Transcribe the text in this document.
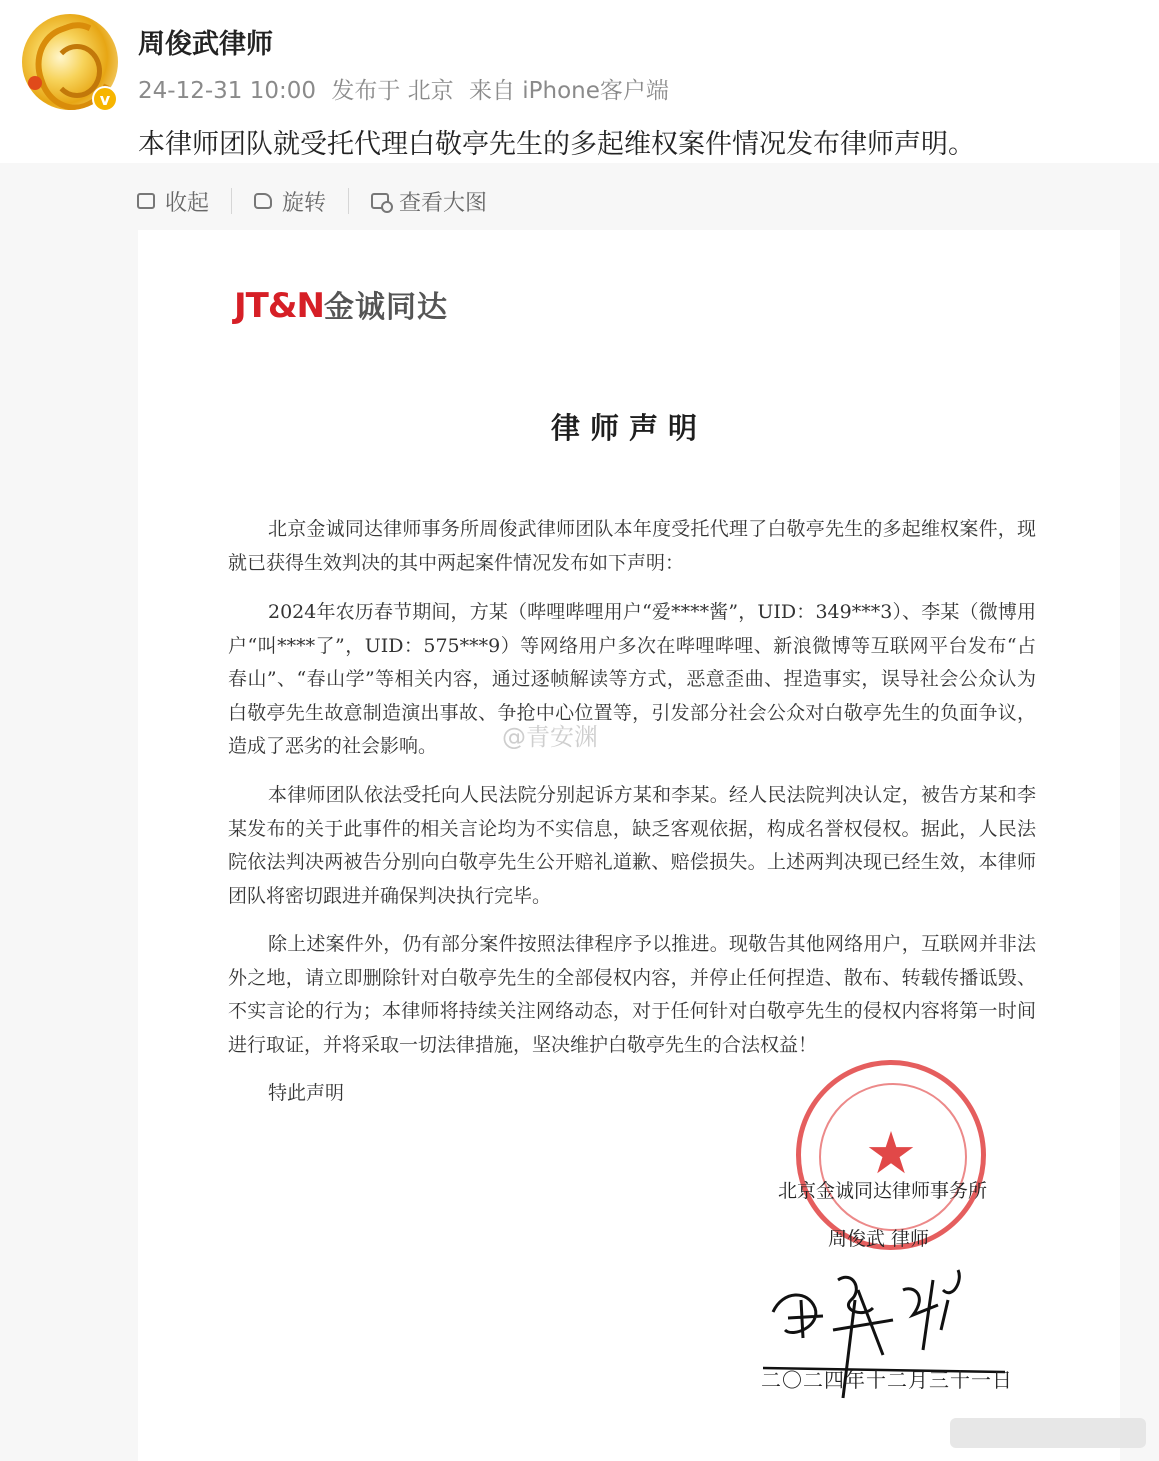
v
周俊武律师
24-12-31 10:00 发布于 北京 来自 iPhone客户端
本律师团队就受托代理白敬亭先生的多起维权案件情况发布律师声明。
收起	旋转	查看大图
JT&N金诚同达
律师声明
北京金诚同达律师事务所周俊武律师团队本年度受托代理了白敬亭先生的多起维权案件，现就已获得生效判决的其中两起案件情况发布如下声明：
2024年农历春节期间，方某（哔哩哔哩用户“爱****酱”，UID：349***3）、李某（微博用户“叫****了”，UID：575***9）等网络用户多次在哔哩哔哩、新浪微博等互联网平台发布“占春山”、“春山学”等相关内容，通过逐帧解读等方式，恶意歪曲、捏造事实，误导社会公众认为白敬亭先生故意制造演出事故、争抢中心位置等，引发部分社会公众对白敬亭先生的负面争议，造成了恶劣的社会影响。
本律师团队依法受托向人民法院分别起诉方某和李某。经人民法院判决认定，被告方某和李某发布的关于此事件的相关言论均为不实信息，缺乏客观依据，构成名誉权侵权。据此，人民法院依法判决两被告分别向白敬亭先生公开赔礼道歉、赔偿损失。上述两判决现已经生效，本律师团队将密切跟进并确保判决执行完毕。
除上述案件外，仍有部分案件按照法律程序予以推进。现敬告其他网络用户，互联网并非法外之地，请立即删除针对白敬亭先生的全部侵权内容，并停止任何捏造、散布、转载传播诋毁、不实言论的行为；本律师将持续关注网络动态，对于任何针对白敬亭先生的侵权内容将第一时间进行取证，并将采取一切法律措施，坚决维护白敬亭先生的合法权益！
特此声明
★
北京金诚同达律师事务所
周俊武 律师
二〇二四年十二月三十一日
@青安渊
